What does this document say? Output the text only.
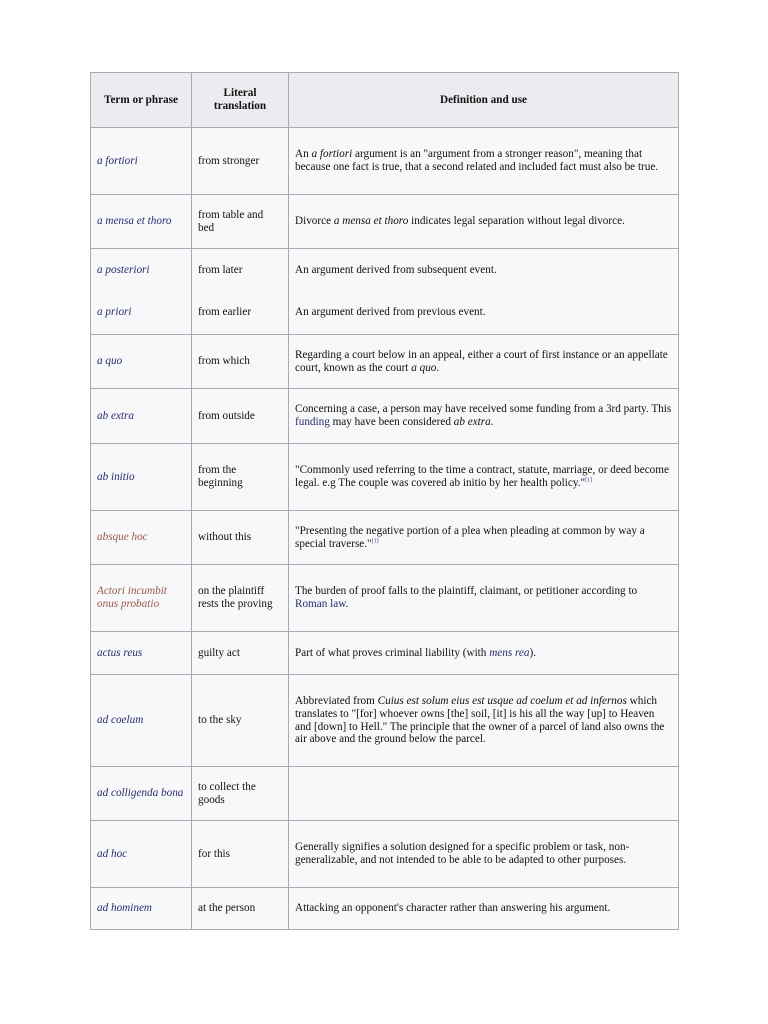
Term or phrase	Literal translation	Definition and use
a fortiori	from stronger	An a fortiori argument is an "argument from a stronger reason", meaning that because one fact is true, that a second related and included fact must also be true.
a mensa et thoro	from table and bed	Divorce a mensa et thoro indicates legal separation without legal divorce.
a posteriori	from later	An argument derived from subsequent event.
a priori	from earlier	An argument derived from previous event.
a quo	from which	Regarding a court below in an appeal, either a court of first instance or an appellate court, known as the court a quo.
ab extra	from outside	Concerning a case, a person may have received some funding from a 3rd party. This funding may have been considered ab extra.
ab initio	from the beginning	"Commonly used referring to the time a contract, statute, marriage, or deed become legal. e.g The couple was covered ab initio by her health policy."[1]
absque hoc	without this	"Presenting the negative portion of a plea when pleading at common by way a special traverse."[1]
Actori incumbit onus probatio	on the plaintiff rests the proving	The burden of proof falls to the plaintiff, claimant, or petitioner according to Roman law.
actus reus	guilty act	Part of what proves criminal liability (with mens rea).
ad coelum	to the sky	Abbreviated from Cuius est solum eius est usque ad coelum et ad infernos which translates to "[for] whoever owns [the] soil, [it] is his all the way [up] to Heaven and [down] to Hell." The principle that the owner of a parcel of land also owns the air above and the ground below the parcel.
ad colligenda bona	to collect the goods	
ad hoc	for this	Generally signifies a solution designed for a specific problem or task, non-generalizable, and not intended to be able to be adapted to other purposes.
ad hominem	at the person	Attacking an opponent's character rather than answering his argument.
